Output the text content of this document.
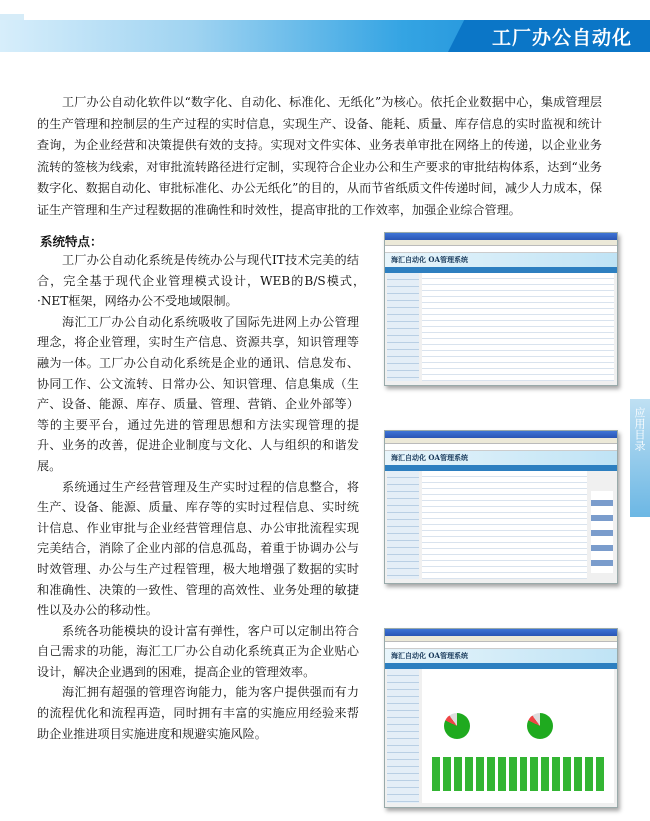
工厂办公自动化

工厂办公自动化软件以“数字化、自动化、标准化、无纸化”为核心。依托企业数据中心，集成管理层的生产管理和控制层的生产过程的实时信息，实现生产、设备、能耗、质量、库存信息的实时监视和统计查询，为企业经营和决策提供有效的支持。实现对文件实体、业务表单审批在网络上的传递，以企业业务流转的签核为线索，对审批流转路径进行定制，实现符合企业办公和生产要求的审批结构体系，达到“业务数字化、数据自动化、审批标准化、办公无纸化”的目的，从而节省纸质文件传递时间，减少人力成本，保证生产管理和生产过程数据的准确性和时效性，提高审批的工作效率，加强企业综合管理。

系统特点：

工厂办公自动化系统是传统办公与现代IT技术完美的结合，完全基于现代企业管理模式设计，WEB的B/S模式，·NET框架，网络办公不受地域限制。

海汇工厂办公自动化系统吸收了国际先进网上办公管理理念，将企业管理，实时生产信息、资源共享，知识管理等融为一体。工厂办公自动化系统是企业的通讯、信息发布、协同工作、公文流转、日常办公、知识管理、信息集成（生产、设备、能源、库存、质量、管理、营销、企业外部等）等的主要平台，通过先进的管理思想和方法实现管理的提升、业务的改善，促进企业制度与文化、人与组织的和谐发展。

系统通过生产经营管理及生产实时过程的信息整合，将生产、设备、能源、质量、库存等的实时过程信息、实时统计信息、作业审批与企业经营管理信息、办公审批流程实现完美结合，消除了企业内部的信息孤岛，着重于协调办公与时效管理、办公与生产过程管理，极大地增强了数据的实时和准确性、决策的一致性、管理的高效性、业务处理的敏捷性以及办公的移动性。

系统各功能模块的设计富有弹性，客户可以定制出符合自己需求的功能，海汇工厂办公自动化系统真正为企业贴心设计，解决企业遇到的困难，提高企业的管理效率。

海汇拥有超强的管理咨询能力，能为客户提供强而有力的流程优化和流程再造，同时拥有丰富的实施应用经验来帮助企业推进项目实施进度和规避实施风险。

海汇自动化 OA管理系统
海汇自动化 OA管理系统
海汇自动化 OA管理系统
应用目录
